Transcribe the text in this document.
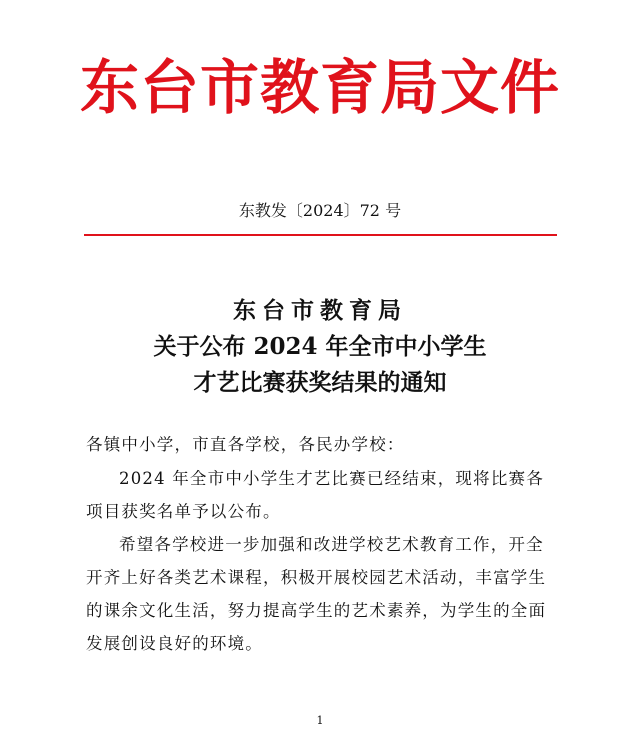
东台市教育局文件
东教发〔2024〕72 号
东台市教育局
关于公布 2024 年全市中小学生
才艺比赛获奖结果的通知
各镇中小学，市直各学校，各民办学校：
2024 年全市中小学生才艺比赛已经结束，现将比赛各项目获奖名单予以公布。
希望各学校进一步加强和改进学校艺术教育工作，开全开齐上好各类艺术课程，积极开展校园艺术活动，丰富学生的课余文化生活，努力提高学生的艺术素养，为学生的全面发展创设良好的环境。
1
